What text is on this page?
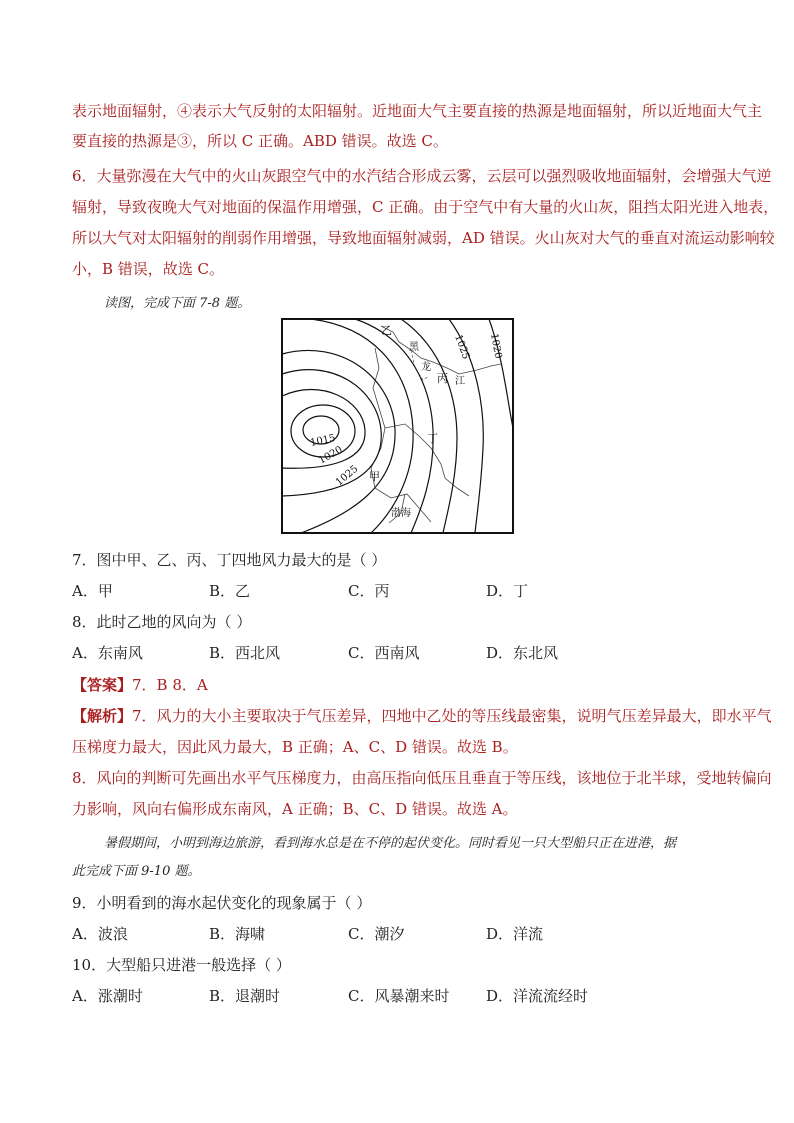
表示地面辐射，④表示大气反射的太阳辐射。近地面大气主要直接的热源是地面辐射，所以近地面大气主
要直接的热源是③，所以 C 正确。ABD 错误。故选 C。
6．大量弥漫在大气中的火山灰跟空气中的水汽结合形成云雾，云层可以强烈吸收地面辐射，会增强大气逆
辐射，导致夜晚大气对地面的保温作用增强，C 正确。由于空气中有大量的火山灰，阻挡太阳光进入地表，
所以大气对太阳辐射的削弱作用增强，导致地面辐射减弱，AD 错误。火山灰对大气的垂直对流运动影响较
小，B 错误，故选 C。
读图，完成下面 7-8 题。
1015
1020
1025
1025 1020
甲
乙
丙
丁
黑
龙
江
渤海
7．图中甲、乙、丙、丁四地风力最大的是（ ）
A．甲	B．乙	C．丙	D．丁
8．此时乙地的风向为（ ）
A．东南风	B．西北风	C．西南风	D．东北风
【答案】7．B 8．A
【解析】7．风力的大小主要取决于气压差异，四地中乙处的等压线最密集，说明气压差异最大，即水平气
压梯度力最大，因此风力最大，B 正确；A、C、D 错误。故选 B。
8．风向的判断可先画出水平气压梯度力，由高压指向低压且垂直于等压线，该地位于北半球，受地转偏向
力影响，风向右偏形成东南风，A 正确；B、C、D 错误。故选 A。
暑假期间，小明到海边旅游，看到海水总是在不停的起伏变化。同时看见一只大型船只正在进港，据
此完成下面 9-10 题。
9．小明看到的海水起伏变化的现象属于（ ）
A．波浪	B．海啸	C．潮汐	D．洋流
10．大型船只进港一般选择（ ）
A．涨潮时	B．退潮时	C．风暴潮来时 D．洋流流经时
